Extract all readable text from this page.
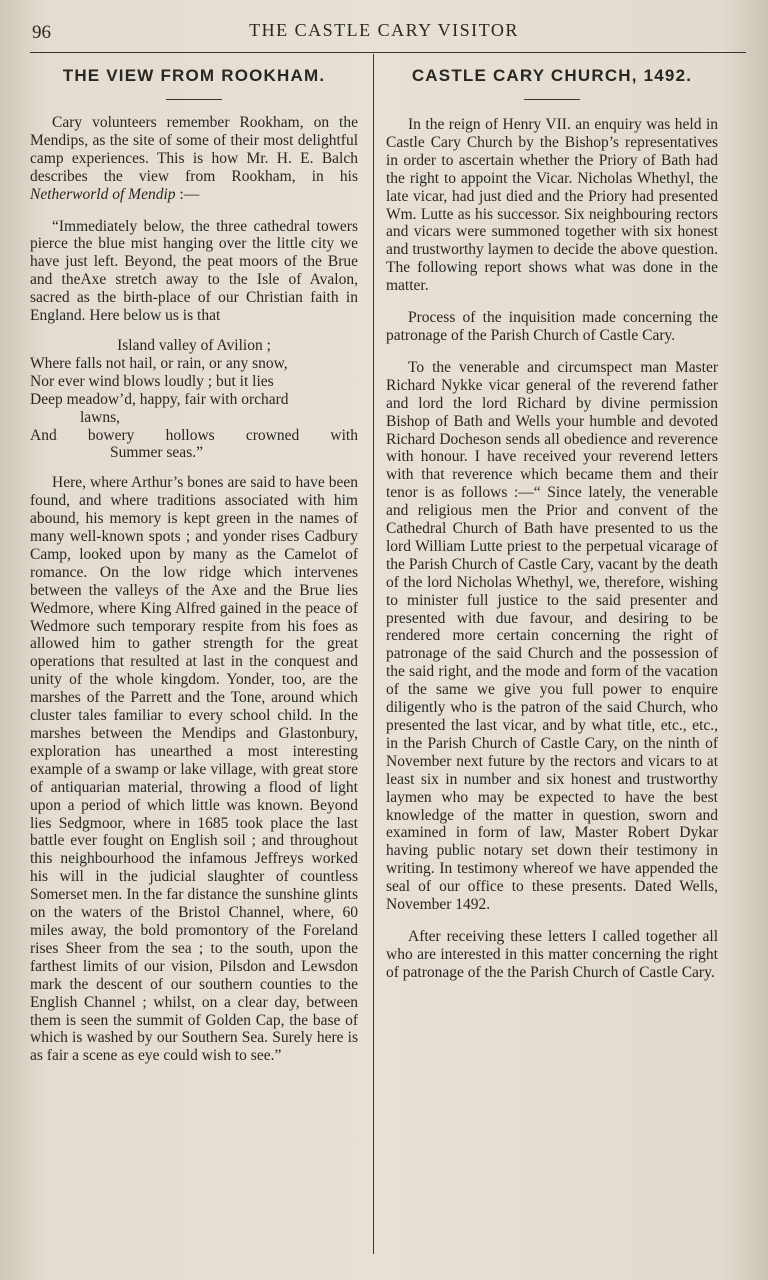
96	THE CASTLE CARY VISITOR
THE VIEW FROM ROOKHAM.

Cary volunteers remember Rookham, on the Mendips, as the site of some of their most delightful camp experiences. This is how Mr. H. E. Balch describes the view from Rookham, in his Netherworld of Mendip :—

“Immediately below, the three cathedral towers pierce the blue mist hanging over the little city we have just left. Beyond, the peat moors of the Brue and theAxe stretch away to the Isle of Avalon, sacred as the birth-place of our Christian faith in England. Here below us is that

Island valley of Avilion ;
Where falls not hail, or rain, or any snow,
Nor ever wind blows loudly ; but it lies
Deep meadow’d, happy, fair with orchard
lawns,
And bowery hollows crowned with
Summer seas.”

Here, where Arthur’s bones are said to have been found, and where traditions associated with him abound, his memory is kept green in the names of many well-known spots ; and yonder rises Cadbury Camp, looked upon by many as the Camelot of romance. On the low ridge which intervenes between the valleys of the Axe and the Brue lies Wedmore, where King Alfred gained in the peace of Wedmore such temporary respite from his foes as allowed him to gather strength for the great operations that resulted at last in the conquest and unity of the whole kingdom. Yonder, too, are the marshes of the Parrett and the Tone, around which cluster tales familiar to every school child. In the marshes between the Mendips and Glastonbury, exploration has unearthed a most interesting example of a swamp or lake village, with great store of antiquarian material, throwing a flood of light upon a period of which little was known. Beyond lies Sedgmoor, where in 1685 took place the last battle ever fought on English soil ; and throughout this neighbourhood the infamous Jeffreys worked his will in the judicial slaughter of countless Somerset men. In the far distance the sunshine glints on the waters of the Bristol Channel, where, 60 miles away, the bold promontory of the Foreland rises Sheer from the sea ; to the south, upon the farthest limits of our vision, Pilsdon and Lewsdon mark the descent of our southern counties to the English Channel ; whilst, on a clear day, between them is seen the summit of Golden Cap, the base of which is washed by our Southern Sea. Surely here is as fair a scene as eye could wish to see.”

CASTLE CARY CHURCH, 1492.

In the reign of Henry VII. an enquiry was held in Castle Cary Church by the Bishop’s representatives in order to ascertain whether the Priory of Bath had the right to appoint the Vicar. Nicholas Whethyl, the late vicar, had just died and the Priory had presented Wm. Lutte as his successor. Six neighbouring rectors and vicars were summoned together with six honest and trustworthy laymen to decide the above question. The following report shows what was done in the matter.

Process of the inquisition made concerning the patronage of the Parish Church of Castle Cary.

To the venerable and circumspect man Master Richard Nykke vicar general of the reverend father and lord the lord Richard by divine permission Bishop of Bath and Wells your humble and devoted Richard Docheson sends all obedience and reverence with honour. I have received your reverend letters with that reverence which became them and their tenor is as follows :—“ Since lately, the venerable and religious men the Prior and convent of the Cathedral Church of Bath have presented to us the lord William Lutte priest to the perpetual vicarage of the Parish Church of Castle Cary, vacant by the death of the lord Nicholas Whethyl, we, therefore, wishing to minister full justice to the said presenter and presented with due favour, and desiring to be rendered more certain concerning the right of patronage of the said Church and the possession of the said right, and the mode and form of the vacation of the same we give you full power to enquire diligently who is the patron of the said Church, who presented the last vicar, and by what title, etc., etc., in the Parish Church of Castle Cary, on the ninth of November next future by the rectors and vicars to at least six in number and six honest and trustworthy laymen who may be expected to have the best knowledge of the matter in question, sworn and examined in form of law, Master Robert Dykar having public notary set down their testimony in writing. In testimony whereof we have appended the seal of our office to these presents. Dated Wells, November 1492.

After receiving these letters I called together all who are interested in this matter concerning the right of patronage of the the Parish Church of Castle Cary.
